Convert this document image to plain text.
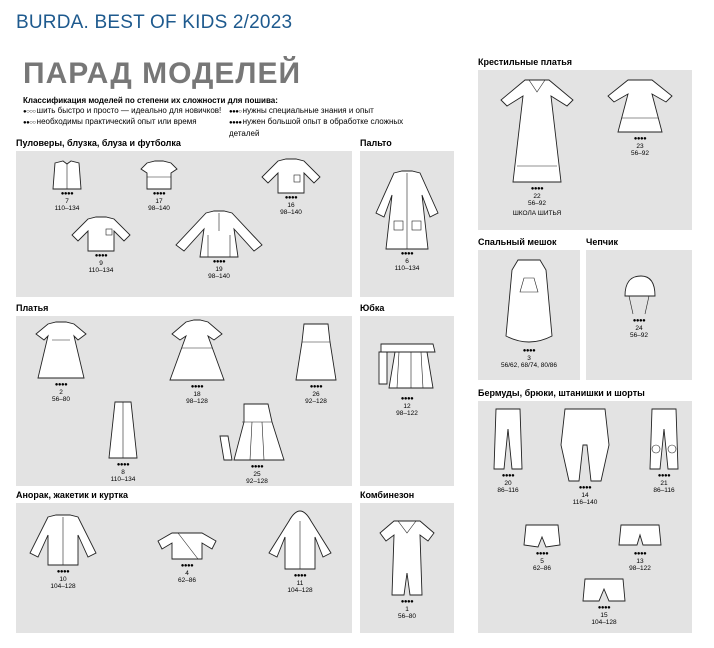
BURDA. BEST OF KIDS 2/2023
ПАРАД МОДЕЛЕЙ
Классификация моделей по степени их сложности для пошива:
●○○○ шить быстро и просто — идеально для новичков!	●●●○ нужны специальные знания и опыт
●●○○ необходимы практический опыт или время	●●●● нужен большой опыт в обработке сложных деталей
Пуловеры, блузка, блуза и футболка
●●●●
7
110–134
●●●●
17
98–140
●●●●
16
98–140
●●●●
9
110–134
●●●●
19
98–140
Пальто
●●●●
6
110–134
Платья
●●●●
2
56–80
●●●●
18
98–128
●●●●
26
92–128
●●●●
8
110–134
●●●●
25
92–128
Юбка
●●●●
12
98–122
Анорак, жакетик и куртка
●●●●
10
104–128
●●●●
4
62–86
●●●●
11
104–128
Комбинезон
●●●●
1
56–80
Крестильные платья
●●●●
22
56–92
ШКОЛА ШИТЬЯ
●●●●
23
56–92
Спальный мешок
●●●●
3
56/62, 68/74, 80/86
Чепчик
●●●●
24
56–92
Бермуды, брюки, штанишки и шорты
●●●●
20
86–116	●●●●
14
116–140
●●●●
21
86–116
●●●●
5
62–86
●●●●
13
98–122
●●●●
15
104–128
